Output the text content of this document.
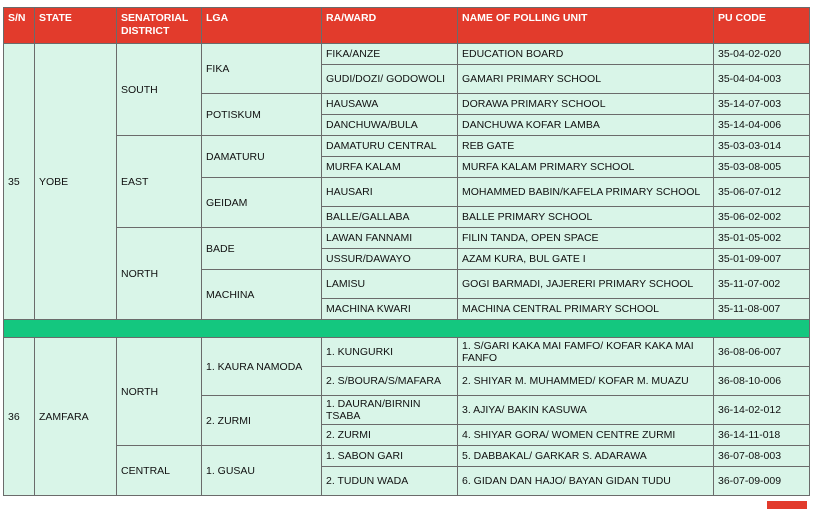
S/N	STATE	SENATORIAL DISTRICT	LGA	RA/WARD	NAME OF POLLING UNIT	PU CODE
35	YOBE	SOUTH	FIKA	FIKA/ANZE	EDUCATION BOARD	35-04-02-020
				GUDI/DOZI/ GODOWOLI	GAMARI PRIMARY SCHOOL	35-04-04-003
			POTISKUM	HAUSAWA	DORAWA PRIMARY SCHOOL	35-14-07-003
				DANCHUWA/BULA	DANCHUWA KOFAR LAMBA	35-14-04-006
		EAST	DAMATURU	DAMATURU CENTRAL	REB GATE	35-03-03-014
				MURFA KALAM	MURFA KALAM PRIMARY SCHOOL	35-03-08-005
			GEIDAM	HAUSARI	MOHAMMED BABIN/KAFELA PRIMARY SCHOOL	35-06-07-012
				BALLE/GALLABA	BALLE PRIMARY SCHOOL	35-06-02-002
		NORTH	BADE	LAWAN FANNAMI	FILIN TANDA, OPEN SPACE	35-01-05-002
				USSUR/DAWAYO	AZAM KURA, BUL GATE I	35-01-09-007
			MACHINA	LAMISU	GOGI BARMADI, JAJERERI PRIMARY SCHOOL	35-11-07-002
				MACHINA KWARI	MACHINA CENTRAL PRIMARY SCHOOL	35-11-08-007

36	ZAMFARA	NORTH	1. KAURA NAMODA	1. KUNGURKI	1. S/GARI KAKA MAI FAMFO/ KOFAR KAKA MAI FANFO	36-08-06-007
				2. S/BOURA/S/MAFARA	2. SHIYAR M. MUHAMMED/ KOFAR M. MUAZU	36-08-10-006
			2. ZURMI	1. DAURAN/BIRNIN TSABA	3. AJIYA/ BAKIN KASUWA	36-14-02-012
				2. ZURMI	4. SHIYAR GORA/ WOMEN CENTRE ZURMI	36-14-11-018
		CENTRAL	1. GUSAU	1. SABON GARI	5. DABBAKAL/ GARKAR S. ADARAWA	36-07-08-003
				2. TUDUN WADA	6. GIDAN DAN HAJO/ BAYAN GIDAN TUDU	36-07-09-009
